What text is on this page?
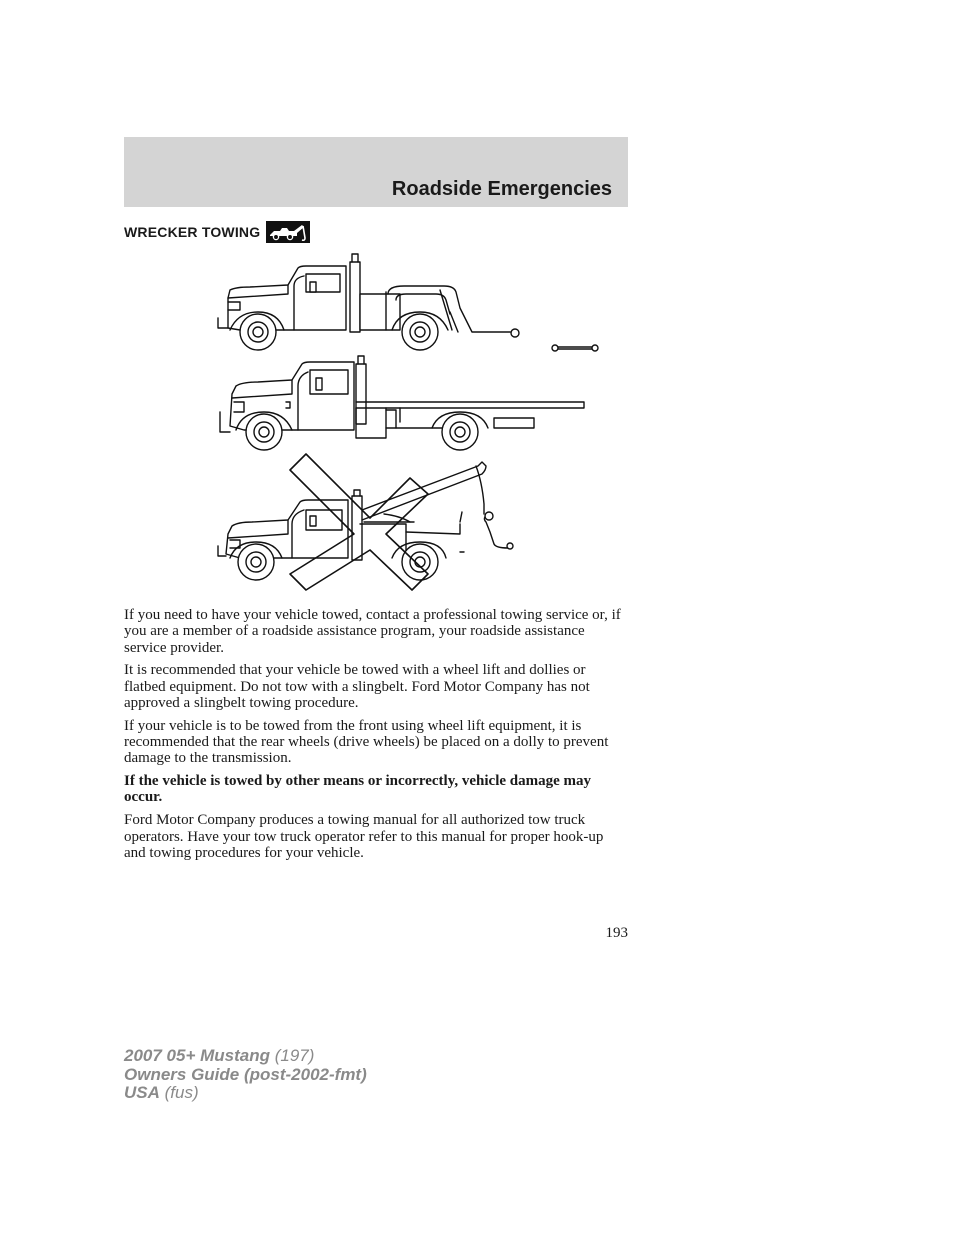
Roadside Emergencies
WRECKER TOWING

If you need to have your vehicle towed, contact a professional towing service or, if you are a member of a roadside assistance program, your roadside assistance service provider.

It is recommended that your vehicle be towed with a wheel lift and dollies or flatbed equipment. Do not tow with a slingbelt. Ford Motor Company has not approved a slingbelt towing procedure.

If your vehicle is to be towed from the front using wheel lift equipment, it is recommended that the rear wheels (drive wheels) be placed on a dolly to prevent damage to the transmission.

If the vehicle is towed by other means or incorrectly, vehicle damage may occur.

Ford Motor Company produces a towing manual for all authorized tow truck operators. Have your tow truck operator refer to this manual for proper hook-up and towing procedures for your vehicle.

193
2007 05+ Mustang (197)
Owners Guide (post-2002-fmt)
USA (fus)
